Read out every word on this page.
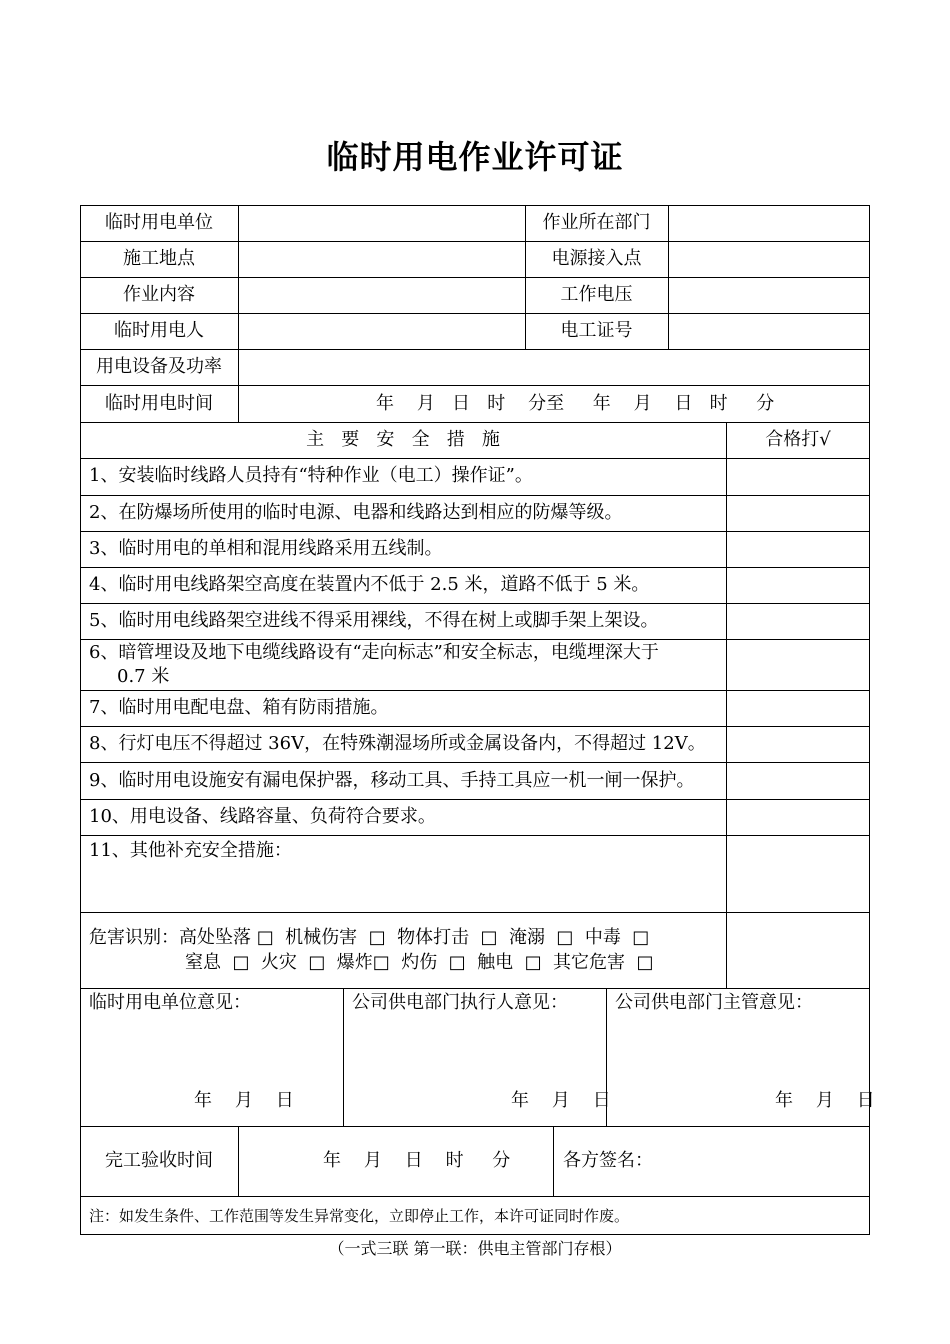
临时用电作业许可证
临时用电单位	作业所在部门
施工地点	电源接入点
作业内容	工作电压
临时用电人	电工证号
用电设备及功率
临时用电时间	年    月   日   时    分至     年    月    日   时     分
主   要   安   全   措   施	合格打√
1、安装临时线路人员持有“特种作业（电工）操作证”。
2、在防爆场所使用的临时电源、电器和线路达到相应的防爆等级。
3、临时用电的单相和混用线路采用五线制。
4、临时用电线路架空高度在装置内不低于 2.5 米，道路不低于 5 米。
5、临时用电线路架空进线不得采用裸线，不得在树上或脚手架上架设。
6、暗管埋设及地下电缆线路设有“走向标志”和安全标志，电缆埋深大于
0.7 米
7、临时用电配电盘、箱有防雨措施。
8、行灯电压不得超过 36V，在特殊潮湿场所或金属设备内，不得超过 12V。
9、临时用电设施安有漏电保护器，移动工具、手持工具应一机一闸一保护。
10、用电设备、线路容量、负荷符合要求。
11、其他补充安全措施：
危害识别：高处坠落 □  机械伤害  □  物体打击  □  淹溺  □  中毒  □
窒息  □  火灾  □  爆炸□  灼伤  □  触电  □  其它危害  □
临时用电单位意见：	公司供电部门执行人意见：	公司供电部门主管意见：
年    月    日	年    月    日	年    月    日
完工验收时间	年    月    日    时     分	各方签名：
注：如发生条件、工作范围等发生异常变化，立即停止工作，本许可证同时作废。
（一式三联 第一联：供电主管部门存根）
